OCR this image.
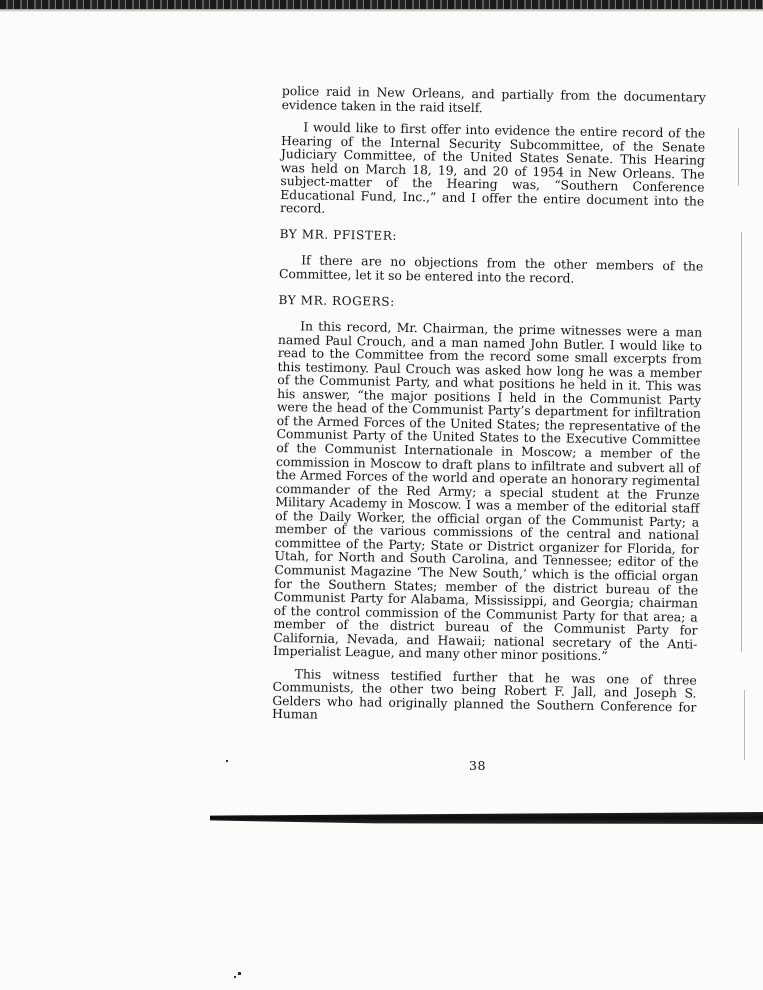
police raid in New Orleans, and partially from the documentary evidence taken in the raid itself.

I would like to first offer into evidence the entire record of the Hearing of the Internal Security Subcommittee, of the Senate Judiciary Committee, of the United States Senate. This Hearing was held on March 18, 19, and 20 of 1954 in New Orleans. The subject-matter of the Hearing was, “Southern Conference Educational Fund, Inc.,” and I offer the entire document into the record.

BY MR. PFISTER:

If there are no objections from the other members of the Committee, let it so be entered into the record.

BY MR. ROGERS:

In this record, Mr. Chairman, the prime witnesses were a man named Paul Crouch, and a man named John Butler. I would like to read to the Committee from the record some small excerpts from this testimony. Paul Crouch was asked how long he was a member of the Communist Party, and what positions he held in it. This was his answer, “the major positions I held in the Communist Party were the head of the Communist Party’s department for infiltration of the Armed Forces of the United States; the representative of the Communist Party of the United States to the Executive Committee of the Communist Internationale in Moscow; a member of the commission in Moscow to draft plans to infiltrate and subvert all of the Armed Forces of the world and operate an honorary regimental commander of the Red Army; a special student at the Frunze Military Academy in Moscow. I was a member of the editorial staff of the Daily Worker, the official organ of the Communist Party; a member of the various commissions of the central and national committee of the Party; State or District organizer for Florida, for Utah, for North and South Carolina, and Tennessee; editor of the Communist Magazine ‘The New South,’ which is the official organ for the Southern States; member of the district bureau of the Communist Party for Alabama, Mississippi, and Georgia; chairman of the control commission of the Communist Party for that area; a member of the district bureau of the Communist Party for California, Nevada, and Hawaii; national secretary of the Anti-Imperialist League, and many other minor positions.”

This witness testified further that he was one of three Communists, the other two being Robert F. Jall, and Joseph S. Gelders who had originally planned the Southern Conference for Human

38
